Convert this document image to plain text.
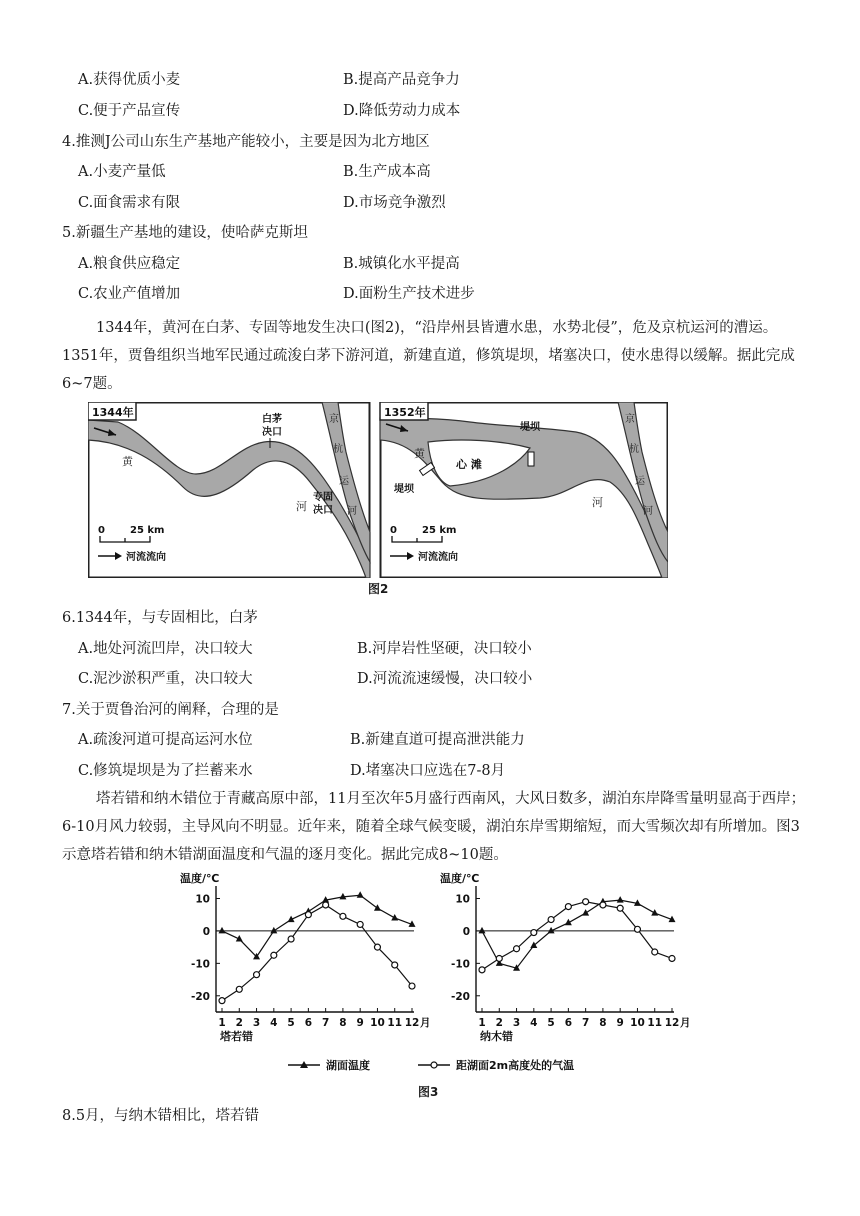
A.获得优质小麦	B.提高产品竞争力
C.便于产品宣传	D.降低劳动力成本
4.推测J公司山东生产基地产能较小，主要是因为北方地区
A.小麦产量低	B.生产成本高
C.面食需求有限	D.市场竞争激烈
5.新疆生产基地的建设，使哈萨克斯坦
A.粮食供应稳定	B.城镇化水平提高
C.农业产值增加	D.面粉生产技术进步
1344年，黄河在白茅、专固等地发生决口(图2)，“沿岸州县皆遭水患，水势北侵”，危及京杭运河的漕运。1351年，贾鲁组织当地军民通过疏浚白茅下游河道，新建直道，修筑堤坝，堵塞决口，使水患得以缓解。据此完成6~7题。
1344年
黄
河
京
杭
运
河
白茅
决口
专固
决口
0	25 km
河流流向
1352年
黄
河
京
杭
运
河
堤坝
堤坝
心 滩
0	25 km
河流流向
图2
6.1344年，与专固相比，白茅
A.地处河流凹岸，决口较大	B.河岸岩性坚硬，决口较小
C.泥沙淤积严重，决口较大	D.河流流速缓慢，决口较小
7.关于贾鲁治河的阐释，合理的是
A.疏浚河道可提高运河水位	B.新建直道可提高泄洪能力
C.修筑堤坝是为了拦蓄来水	D.堵塞决口应选在7-8月
塔若错和纳木错位于青藏高原中部，11月至次年5月盛行西南风，大风日数多，湖泊东岸降雪量明显高于西岸；6-10月风力较弱，主导风向不明显。近年来，随着全球气候变暖，湖泊东岸雪期缩短，而大雪频次却有所增加。图3示意塔若错和纳木错湖面温度和气温的逐月变化。据此完成8~10题。
温度/℃
10
0
-10
-20
1 2 3 4 5 6 7 8 9 10 11 12 月
塔若错
温度/℃
10
0
-10
-20
1 2 3 4 5 6 7 8 9 10 11 12 月
纳木错
湖面温度	距湖面2m高度处的气温
图3
8.5月，与纳木错相比，塔若错
